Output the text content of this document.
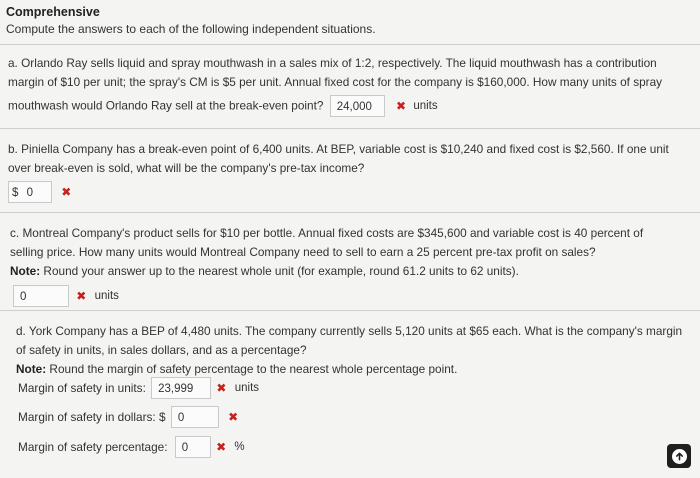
Comprehensive
Compute the answers to each of the following independent situations.

a. Orlando Ray sells liquid and spray mouthwash in a sales mix of 1:2, respectively. The liquid mouthwash has a contribution

margin of $10 per unit; the spray's CM is $5 per unit. Annual fixed cost for the company is $160,000. How many units of spray

mouthwash would Orlando Ray sell at the break-even point? 24,000 ✖ units

b. Piniella Company has a break-even point of 6,400 units. At BEP, variable cost is $10,240 and fixed cost is $2,560. If one unit

over break-even is sold, what will be the company's pre-tax income?

$ 0 ✖

c. Montreal Company's product sells for $10 per bottle. Annual fixed costs are $345,600 and variable cost is 40 percent of

selling price. How many units would Montreal Company need to sell to earn a 25 percent pre-tax profit on sales?

Note: Round your answer up to the nearest whole unit (for example, round 61.2 units to 62 units).

0	✖ units

d. York Company has a BEP of 4,480 units. The company currently sells 5,120 units at $65 each. What is the company's margin

of safety in units, in sales dollars, and as a percentage?

Note: Round the margin of safety percentage to the nearest whole percentage point.

Margin of safety in units: 23,999 ✖ units
Margin of safety in dollars: $ 0	✖
Margin of safety percentage: 0 ✖ %
